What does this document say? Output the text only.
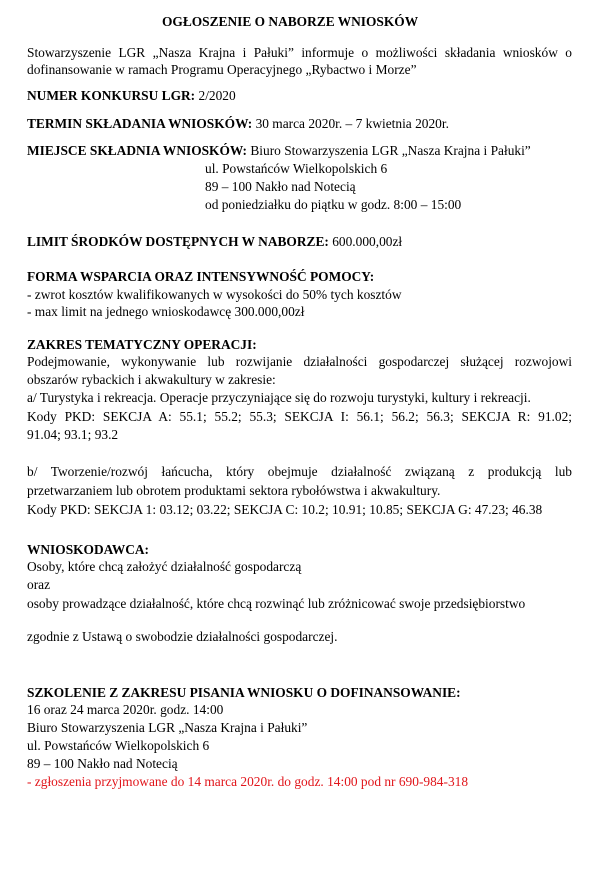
OGŁOSZENIE O NABORZE WNIOSKÓW
Stowarzyszenie LGR „Nasza Krajna i Pałuki” informuje o możliwości składania wniosków o
dofinansowanie w ramach Programu Operacyjnego „Rybactwo i Morze”
NUMER KONKURSU LGR: 2/2020
TERMIN SKŁADANIA WNIOSKÓW: 30 marca 2020r. – 7 kwietnia 2020r.
MIEJSCE SKŁADNIA WNIOSKÓW: Biuro Stowarzyszenia LGR „Nasza Krajna i Pałuki”
ul. Powstańców Wielkopolskich 6
89 – 100 Nakło nad Notecią
od poniedziałku do piątku w godz. 8:00 – 15:00
LIMIT ŚRODKÓW DOSTĘPNYCH W NABORZE: 600.000,00zł
FORMA WSPARCIA ORAZ INTENSYWNOŚĆ POMOCY:
- zwrot kosztów kwalifikowanych w wysokości do 50% tych kosztów
- max limit na jednego wnioskodawcę 300.000,00zł
ZAKRES TEMATYCZNY OPERACJI:
Podejmowanie, wykonywanie lub rozwijanie działalności gospodarczej służącej rozwojowi
obszarów rybackich i akwakultury w zakresie:
a/ Turystyka i rekreacja. Operacje przyczyniające się do rozwoju turystyki, kultury i rekreacji.
Kody PKD: SEKCJA A: 55.1; 55.2; 55.3; SEKCJA I: 56.1; 56.2; 56.3; SEKCJA R: 91.02;
91.04; 93.1; 93.2
b/ Tworzenie/rozwój łańcucha, który obejmuje działalność związaną z produkcją lub
przetwarzaniem lub obrotem produktami sektora rybołówstwa i akwakultury.
Kody PKD: SEKCJA 1: 03.12; 03.22; SEKCJA C: 10.2; 10.91; 10.85; SEKCJA G: 47.23; 46.38
WNIOSKODAWCA:
Osoby, które chcą założyć działalność gospodarczą
oraz
osoby prowadzące działalność, które chcą rozwinąć lub zróżnicować swoje przedsiębiorstwo
zgodnie z Ustawą o swobodzie działalności gospodarczej.
SZKOLENIE Z ZAKRESU PISANIA WNIOSKU O DOFINANSOWANIE:
16 oraz 24 marca 2020r. godz. 14:00
Biuro Stowarzyszenia LGR „Nasza Krajna i Pałuki”
ul. Powstańców Wielkopolskich 6
89 – 100 Nakło nad Notecią
- zgłoszenia przyjmowane do 14 marca 2020r. do godz. 14:00 pod nr 690-984-318
